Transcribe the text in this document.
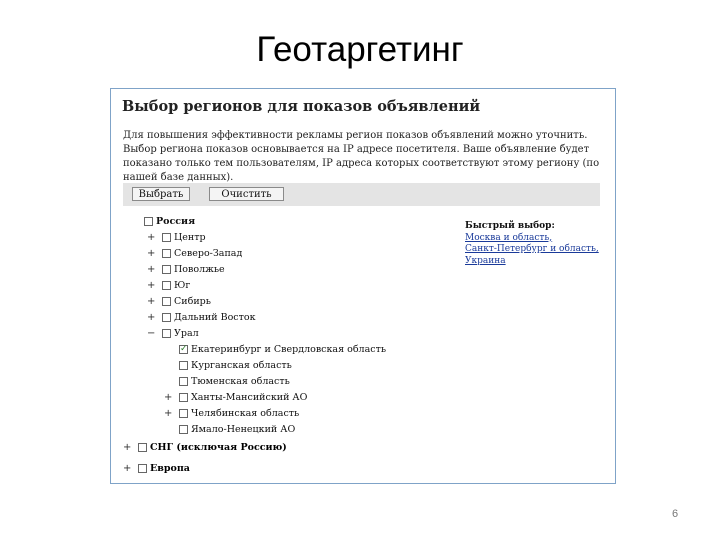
Геотаргетинг
Выбор регионов для показов объявлений
Для повышения эффективности рекламы регион показов объявлений можно уточнить. Выбор региона показов основывается на IP адресе посетителя. Ваше объявление будет показано только тем пользователям, IP адреса которых соответствуют этому региону (по нашей базе данных).
Выбрать	Очистить
Россия
+ Центр
+ Северо-Запад
+ Поволжье
+ Юг
+ Сибирь
+ Дальний Восток
− Урал
✓
Екатеринбург и Свердловская область
Курганская область
Тюменская область
+ Ханты-Мансийский АО
+ Челябинская область
Ямало-Ненецкий АО
+ СНГ (исключая Россию)
+ Европа
Быстрый выбор:
Москва и область,
Санкт-Петербург и область,
Украина
6
